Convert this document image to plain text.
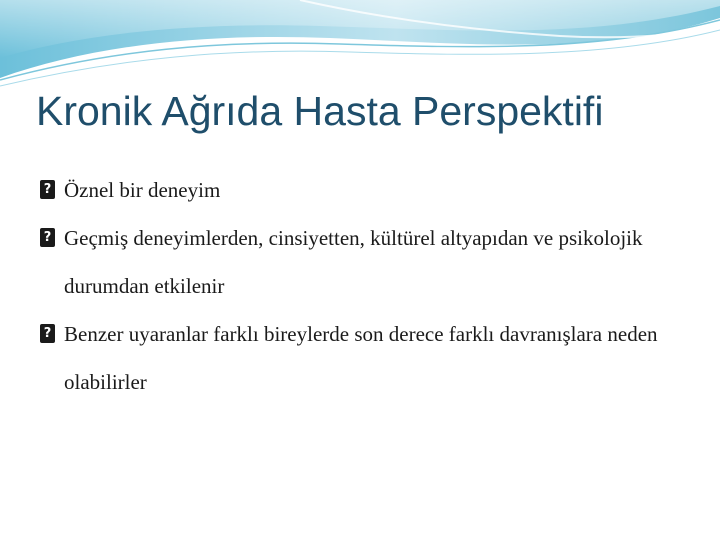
Kronik Ağrıda Hasta Perspektifi
?
Öznel bir deneyim
?
Geçmiş deneyimlerden, cinsiyetten, kültürel altyapıdan ve psikolojik durumdan etkilenir
?
Benzer uyaranlar farklı bireylerde son derece farklı davranışlara neden olabilirler
